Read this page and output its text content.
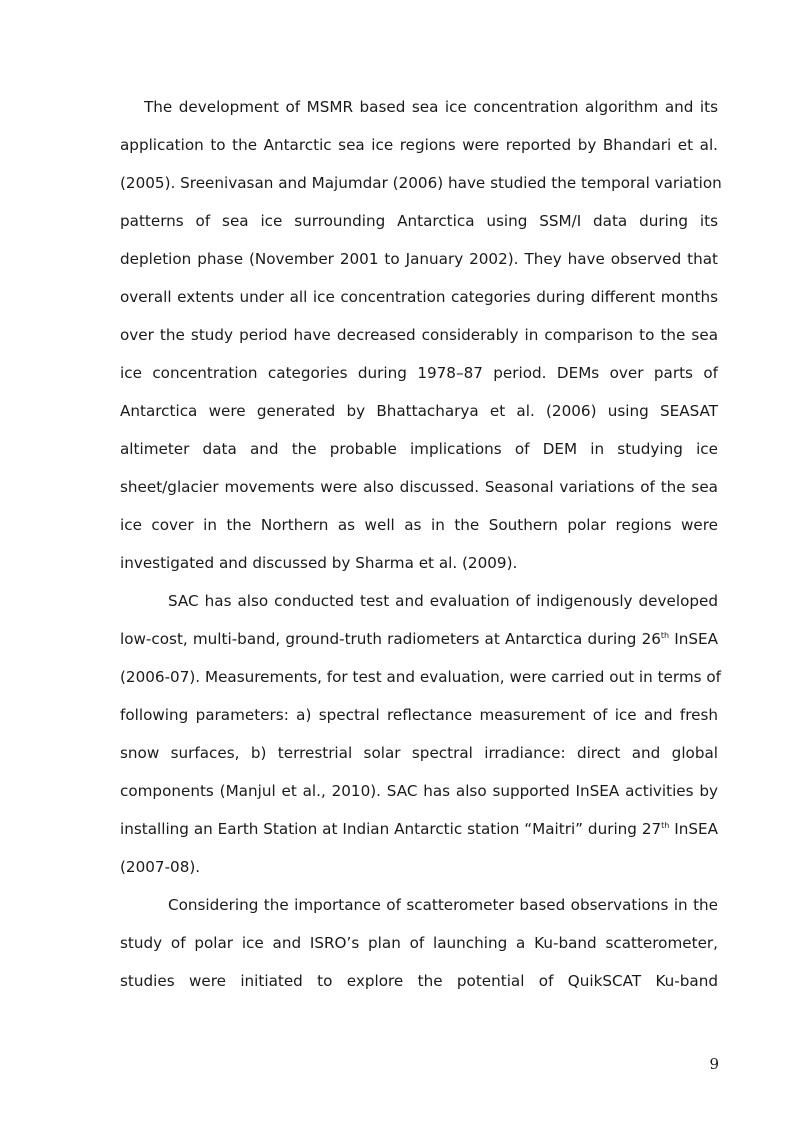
The development of MSMR based sea ice concentration algorithm and its
application to the Antarctic sea ice regions were reported by Bhandari et al.
(2005). Sreenivasan and Majumdar (2006) have studied the temporal variation
patterns of sea ice surrounding Antarctica using SSM/I data during its
depletion phase (November 2001 to January 2002). They have observed that
overall extents under all ice concentration categories during different months
over the study period have decreased considerably in comparison to the sea
ice concentration categories during 1978–87 period. DEMs over parts of
Antarctica were generated by Bhattacharya et al. (2006) using SEASAT
altimeter data and the probable implications of DEM in studying ice
sheet/glacier movements were also discussed. Seasonal variations of the sea
ice cover in the Northern as well as in the Southern polar regions were
investigated and discussed by Sharma et al. (2009).
SAC has also conducted test and evaluation of indigenously developed
low-cost, multi-band, ground-truth radiometers at Antarctica during 26th InSEA
(2006-07). Measurements, for test and evaluation, were carried out in terms of
following parameters: a) spectral reflectance measurement of ice and fresh
snow surfaces, b) terrestrial solar spectral irradiance: direct and global
components (Manjul et al., 2010). SAC has also supported InSEA activities by
installing an Earth Station at Indian Antarctic station “Maitri” during 27th InSEA
(2007-08).
Considering the importance of scatterometer based observations in the
study of polar ice and ISRO’s plan of launching a Ku-band scatterometer,
studies were initiated to explore the potential of QuikSCAT Ku-band
9
